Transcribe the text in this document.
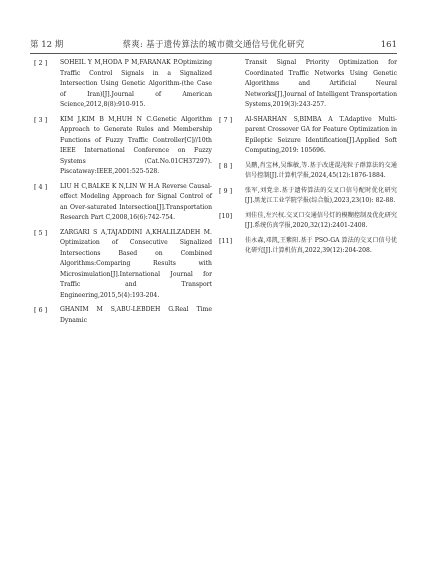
第 12 期	蔡爽: 基于遗传算法的城市微交通信号优化研究	161
[ 2 ]	SOHEIL Y M,HODA P M,FARANAK P.Optimizing Traffic Control Signals in a Signalized Intersection Using Genetic Algorithm-(the Case of Iran)[J].Journal of American Science,2012,8(8):910-915.
[ 3 ]	KIM J,KIM B M,HUH N C.Genetic Algorithm Approach to Generate Rules and Membership Functions of Fuzzy Traffic Controller[C]//10th IEEE International Conference on Fuzzy Systems (Cat.No.01CH37297). Piscataway:IEEE,2001:525-528.
[ 4 ]	LIU H C,BALKE K N,LIN W H.A Reverse Causal-effect Modeling Approach for Signal Control of an Over-saturated Intersection[J].Transportation Research Part C,2008,16(6):742-754.
[ 5 ]	ZARGARI S A,TAJADDINI A,KHALILZADEH M. Optimization of Consecutive Signalized Intersections Based on Combined Algorithms:Comparing Results with Microsimulation[J].International Journal for Traffic and Transport Engineering,2015,5(4):193-204.
[ 6 ]	GHANIM M S,ABU-LEBDEH G.Real Time Dynamic
Transit Signal Priority Optimization for Coordinated Traffic Networks Using Genetic Algorithms and Artificial Neural Networks[J].Journal of Intelligent Transportation Systems,2019(3):243-257.
[ 7 ]	Al-SHARHAN S,BIMBA A T.Adaptive Multi-parent Crossover GA for Feature Optimization in Epileptic Seizure Identification[J].Applied Soft Computing,2019: 105696.
[ 8 ]	吴鹏,肖宝林,吴维敏,等.基于改进混沌粒子群算法的交通信号控制[J].计算机学报,2024,45(12):1876-1884.
[ 9 ]	张军,刘党幸.基于遗传算法的交叉口信号配时优化研究[J].黑龙江工业学院学报(综合版),2023,23(10): 82-88.
[10]	刘佳佳,左兴权.交叉口交通信号灯的模糊控制及优化研究[J].系统仿真学报,2020,32(12):2401-2408.
[11]	佳永森,邓凯,王紫阳.基于 PSO-GA 算法的交叉口信号优化研究[J].计算机仿真,2022,39(12):204-208.
